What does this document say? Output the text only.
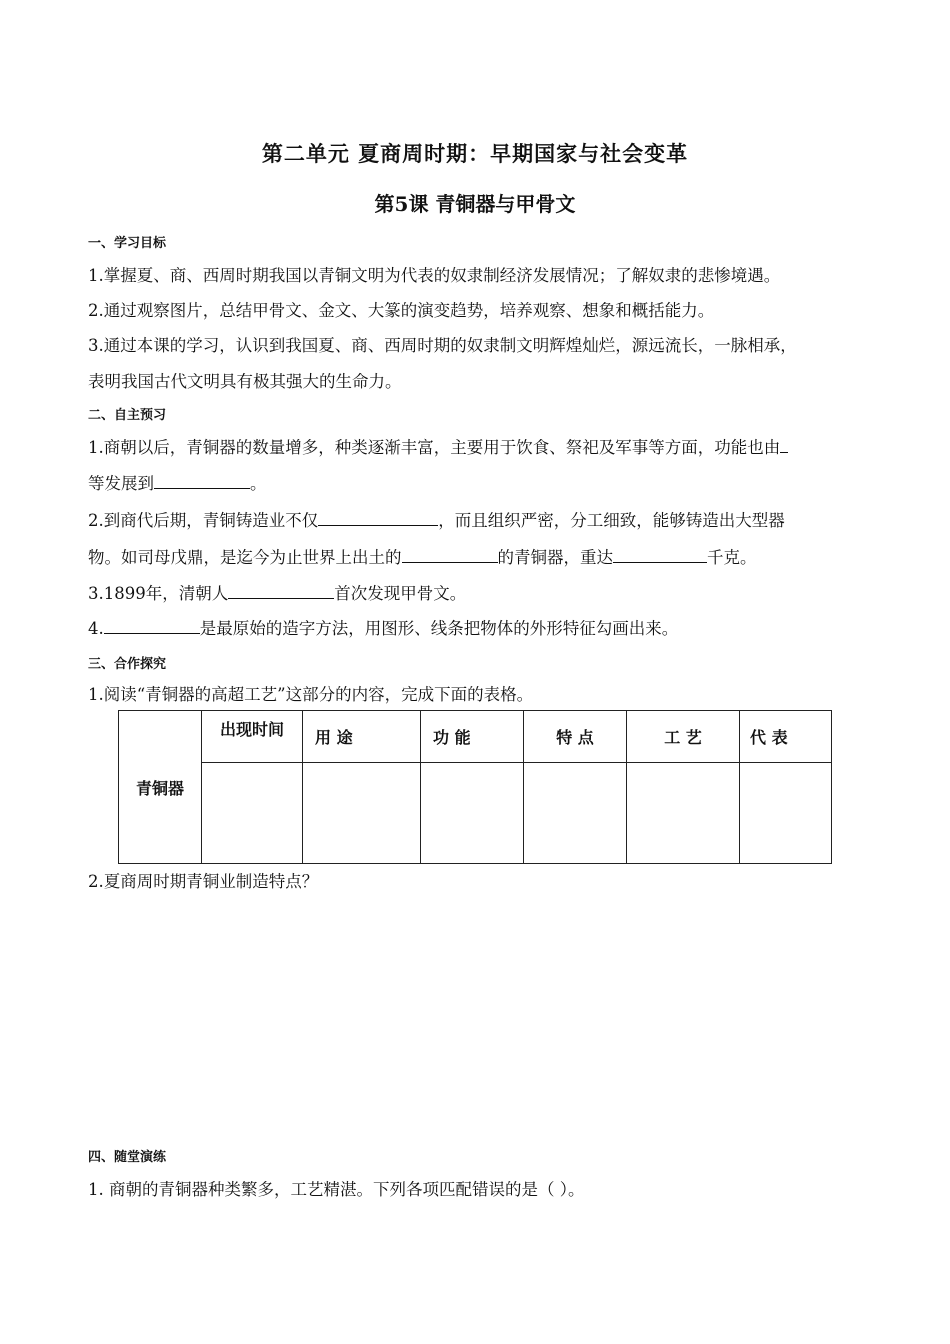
第二单元 夏商周时期：早期国家与社会变革
第5课 青铜器与甲骨文
一、学习目标
1.掌握夏、商、西周时期我国以青铜文明为代表的奴隶制经济发展情况；了解奴隶的悲惨境遇。
2.通过观察图片，总结甲骨文、金文、大篆的演变趋势，培养观察、想象和概括能力。
3.通过本课的学习，认识到我国夏、商、西周时期的奴隶制文明辉煌灿烂，源远流长，一脉相承，
表明我国古代文明具有极其强大的生命力。
二、自主预习
1.商朝以后，青铜器的数量增多，种类逐渐丰富，主要用于饮食、祭祀及军事等方面，功能也由
等发展到	。
2.到商代后期，青铜铸造业不仅	，而且组织严密，分工细致，能够铸造出大型器
物。如司母戊鼎，是迄今为止世界上出土的	的青铜器，重达	千克。
3.1899年，清朝人	首次发现甲骨文。
4.	是最原始的造字方法，用图形、线条把物体的外形特征勾画出来。
三、合作探究
1.阅读“青铜器的高超工艺”这部分的内容，完成下面的表格。
青铜器	出现时间	用 途	功 能	特 点	工 艺	代 表

2.夏商周时期青铜业制造特点？
四、随堂演练
1. 商朝的青铜器种类繁多，工艺精湛。下列各项匹配错误的是（ ）。
